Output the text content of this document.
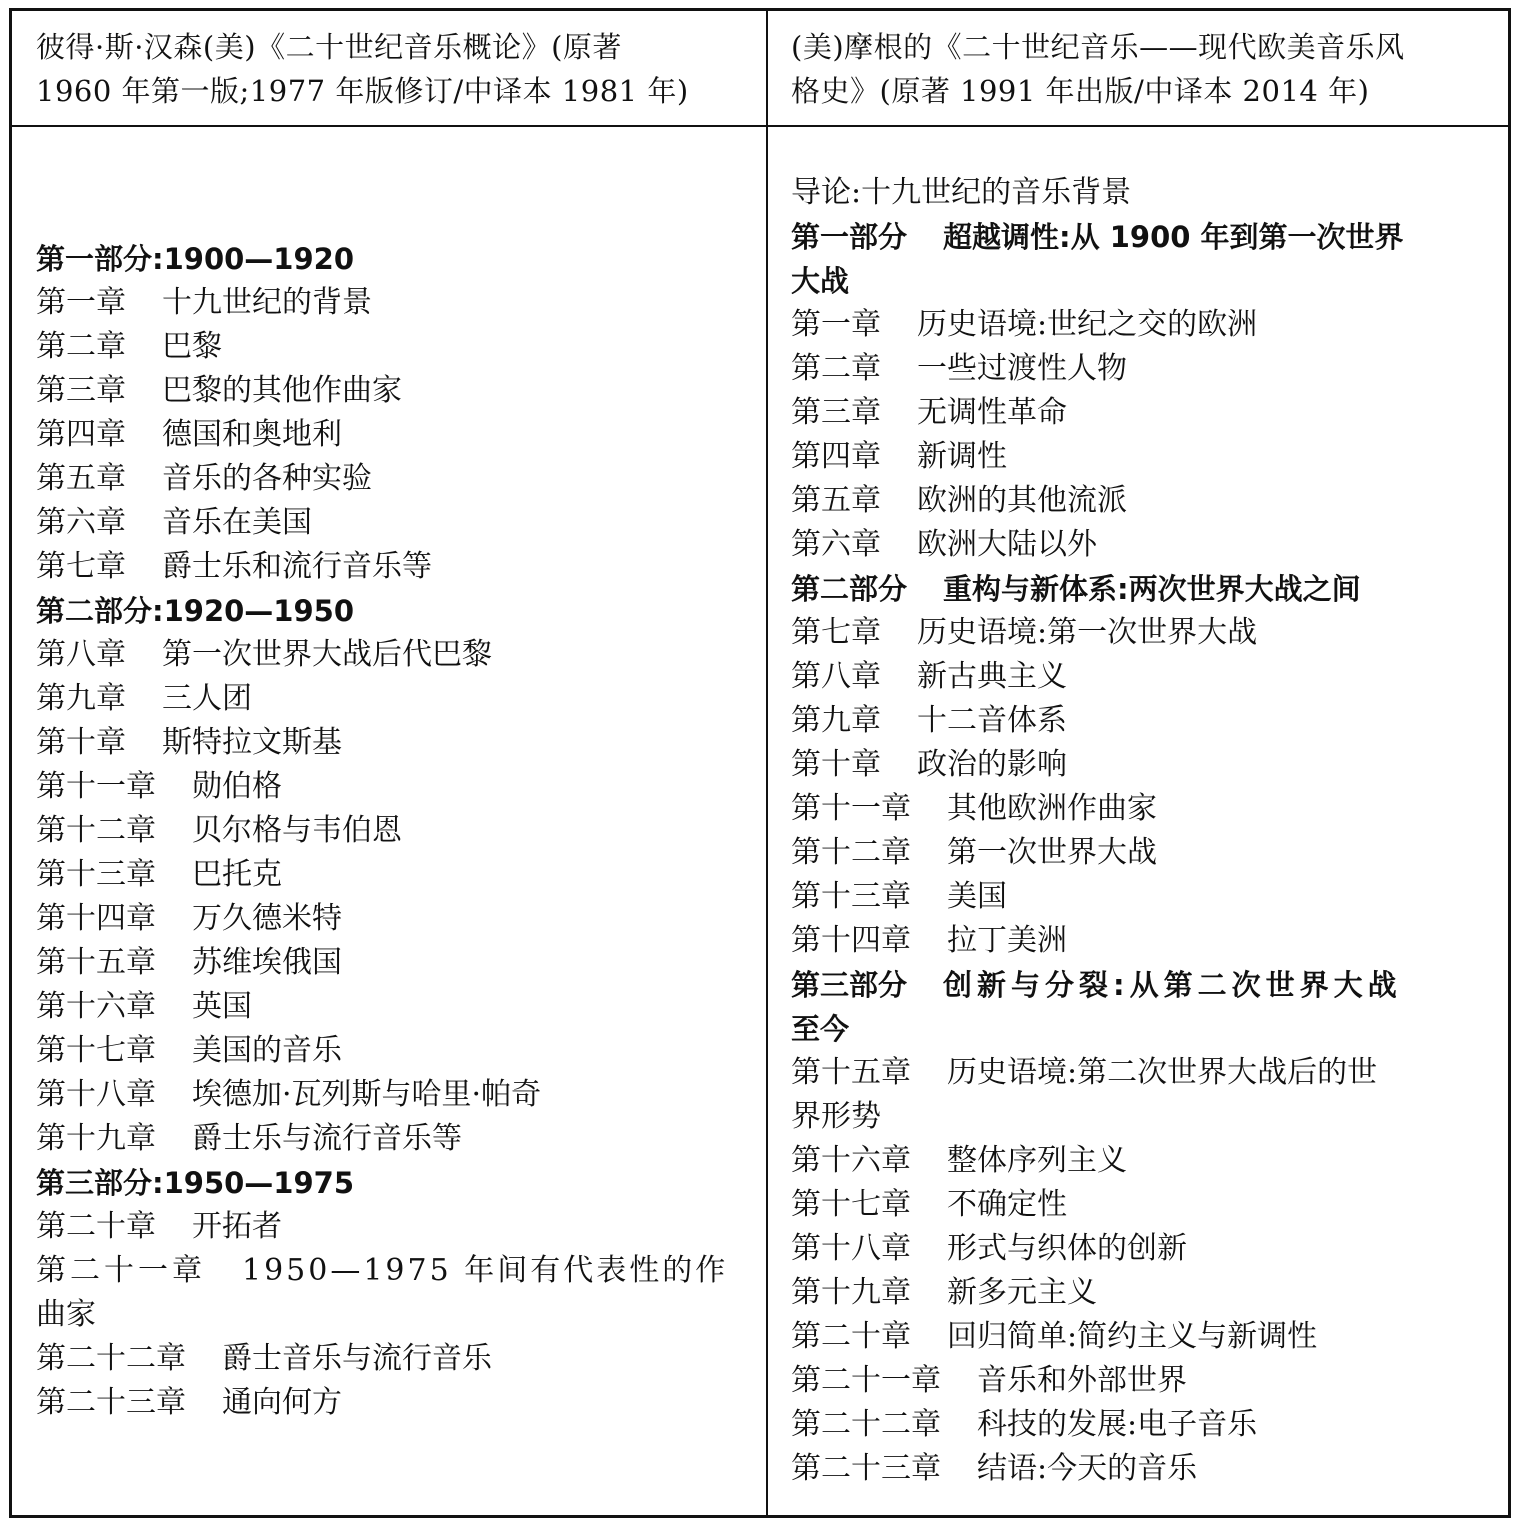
彼得·斯·汉森(美)《二十世纪音乐概论》(原著
1960 年第一版;1977 年版修订/中译本 1981 年)
(美)摩根的《二十世纪音乐——现代欧美音乐风
格史》(原著 1991 年出版/中译本 2014 年)
第一部分:1900—1920
第一章 十九世纪的背景
第二章 巴黎
第三章 巴黎的其他作曲家
第四章 德国和奥地利
第五章 音乐的各种实验
第六章 音乐在美国
第七章 爵士乐和流行音乐等
第二部分:1920—1950
第八章 第一次世界大战后代巴黎
第九章 三人团
第十章 斯特拉文斯基
第十一章 勋伯格
第十二章 贝尔格与韦伯恩
第十三章 巴托克
第十四章 万久德米特
第十五章 苏维埃俄国
第十六章 英国
第十七章 美国的音乐
第十八章 埃德加·瓦列斯与哈里·帕奇
第十九章 爵士乐与流行音乐等
第三部分:1950—1975
第二十章 开拓者
第二十一章 1950—1975 年间有代表性的作
曲家
第二十二章 爵士音乐与流行音乐
第二十三章 通向何方
导论:十九世纪的音乐背景
第一部分 超越调性:从 1900 年到第一次世界
大战
第一章 历史语境:世纪之交的欧洲
第二章 一些过渡性人物
第三章 无调性革命
第四章 新调性
第五章 欧洲的其他流派
第六章 欧洲大陆以外
第二部分 重构与新体系:两次世界大战之间
第七章 历史语境:第一次世界大战
第八章 新古典主义
第九章 十二音体系
第十章 政治的影响
第十一章 其他欧洲作曲家
第十二章 第一次世界大战
第十三章 美国
第十四章 拉丁美洲
第三部分 创新与分裂:从第二次世界大战
至今
第十五章 历史语境:第二次世界大战后的世
界形势
第十六章 整体序列主义
第十七章 不确定性
第十八章 形式与织体的创新
第十九章 新多元主义
第二十章 回归简单:简约主义与新调性
第二十一章 音乐和外部世界
第二十二章 科技的发展:电子音乐
第二十三章 结语:今天的音乐
